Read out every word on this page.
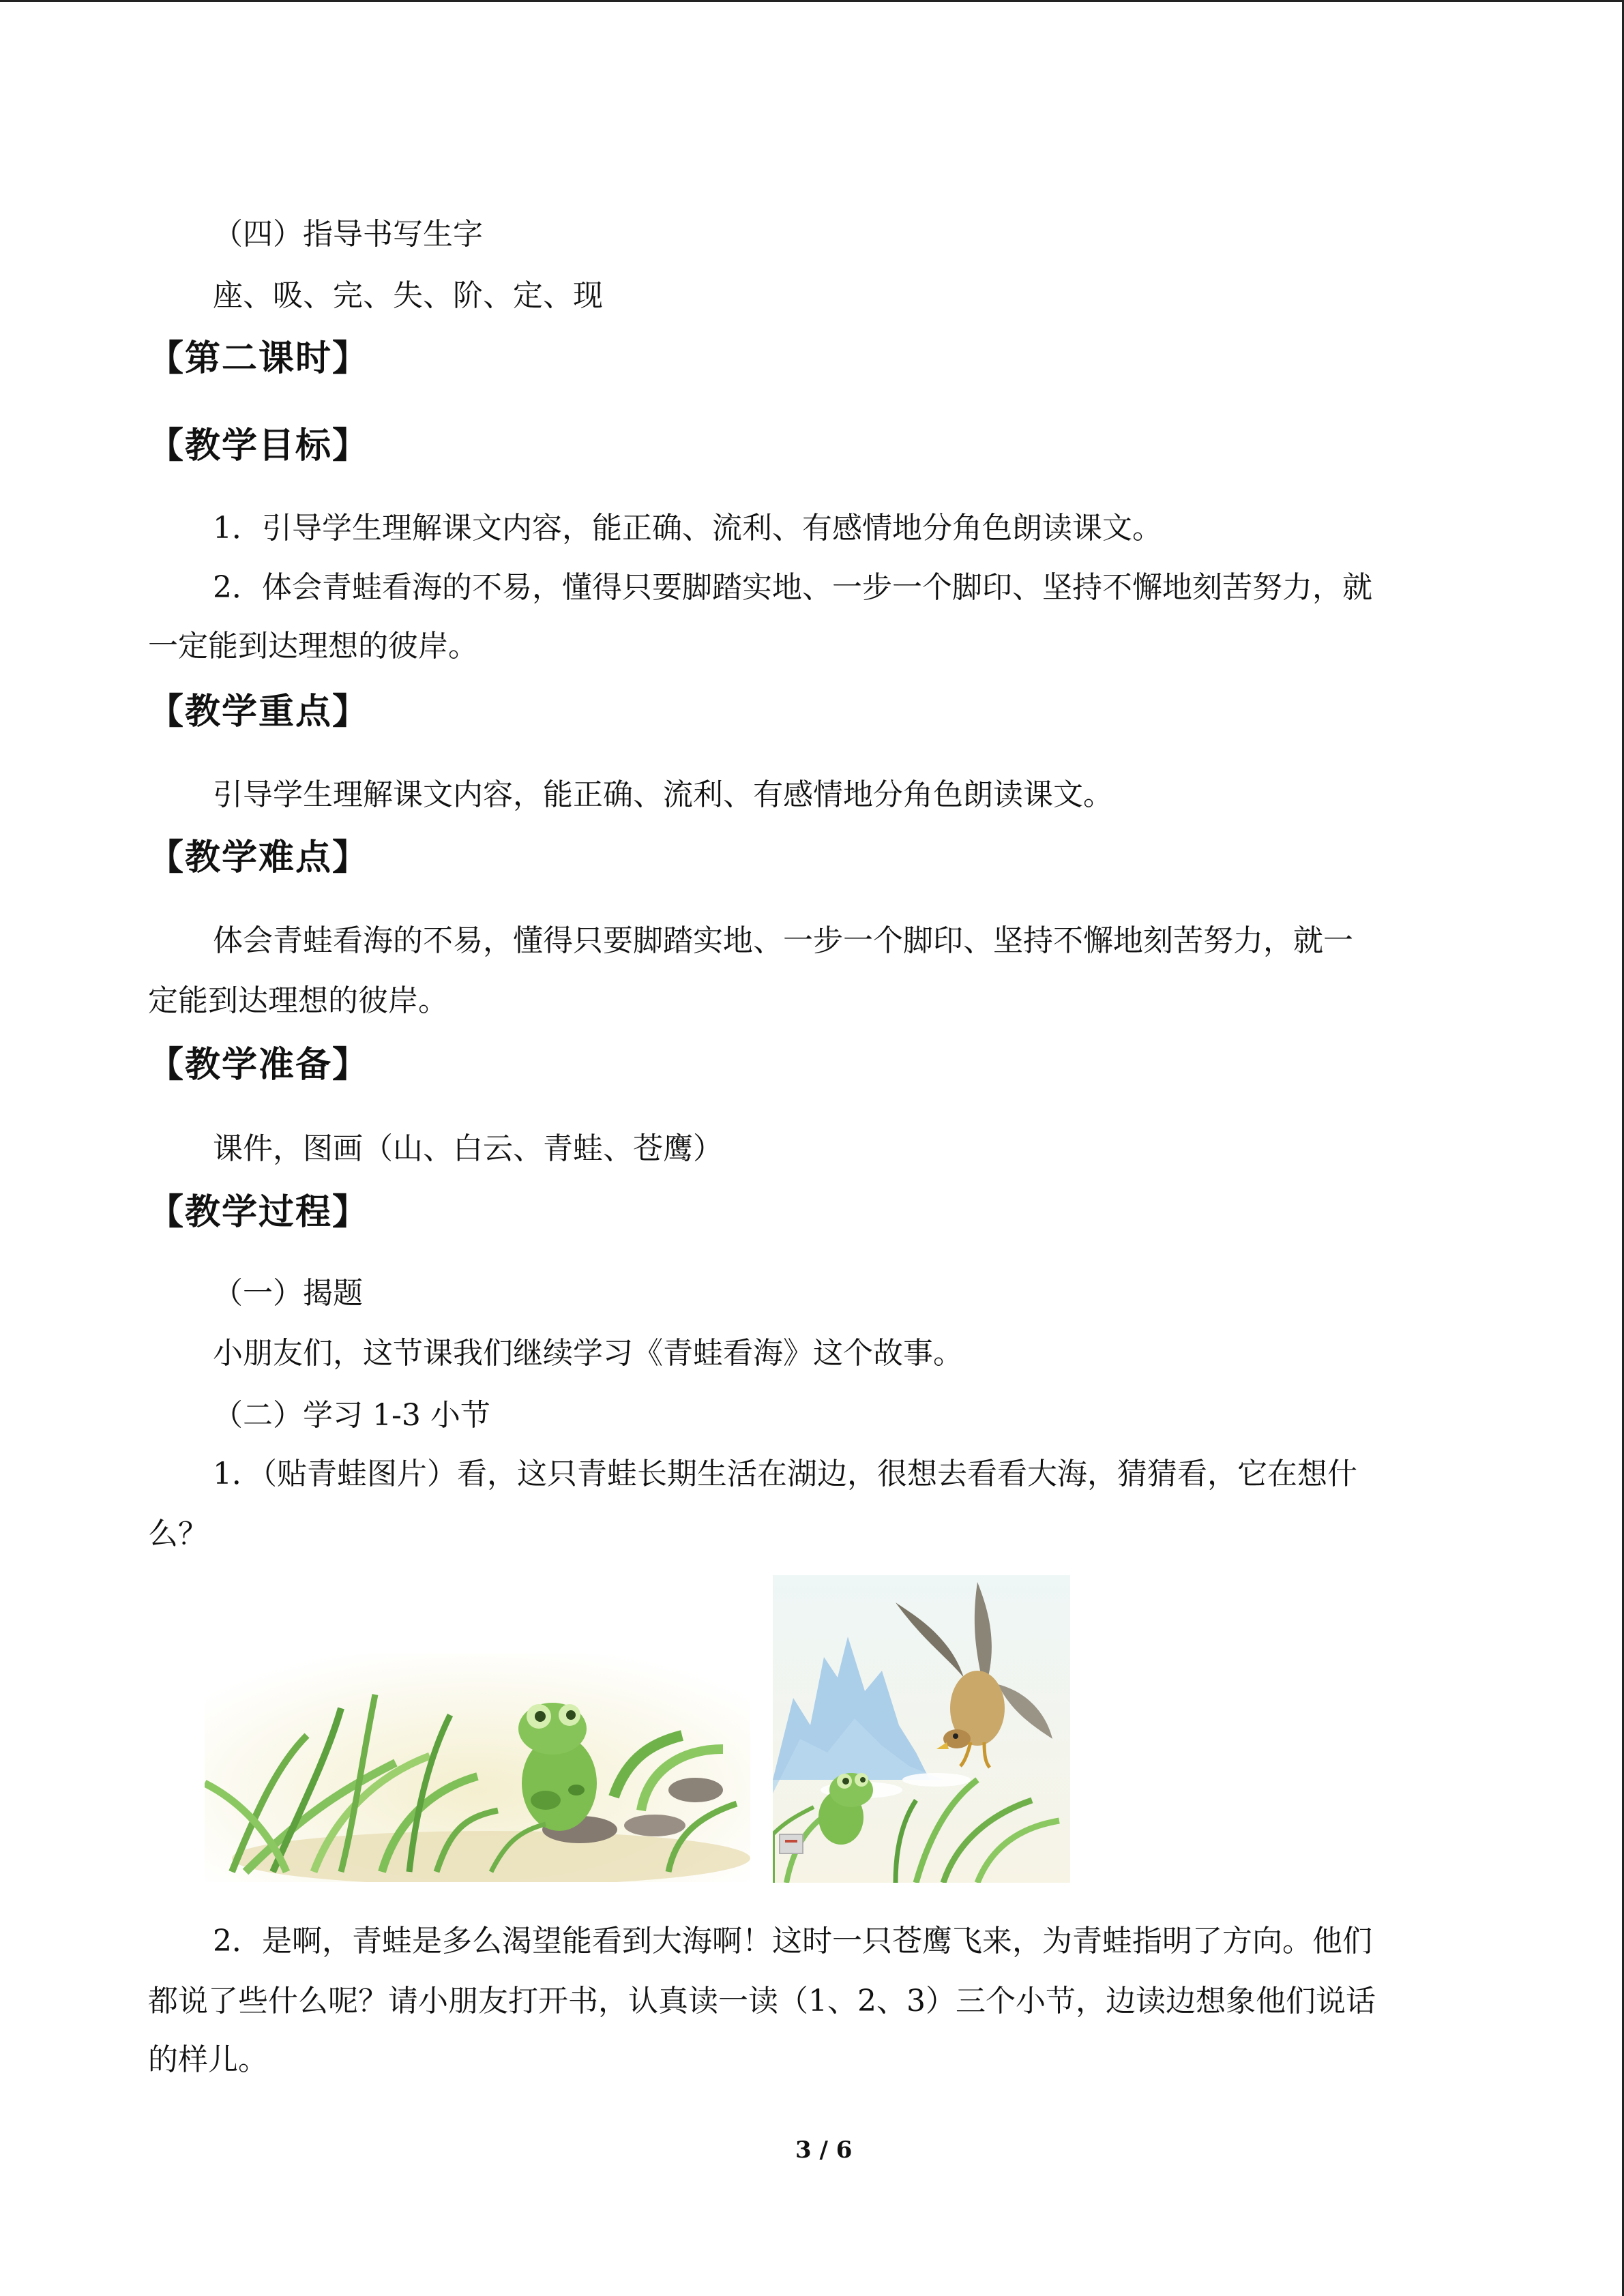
（四）指导书写生字
座、吸、完、失、阶、定、现
【第二课时】
【教学目标】
1．引导学生理解课文内容，能正确、流利、有感情地分角色朗读课文。
2．体会青蛙看海的不易，懂得只要脚踏实地、一步一个脚印、坚持不懈地刻苦努力，就
一定能到达理想的彼岸。
【教学重点】
引导学生理解课文内容，能正确、流利、有感情地分角色朗读课文。
【教学难点】
体会青蛙看海的不易，懂得只要脚踏实地、一步一个脚印、坚持不懈地刻苦努力，就一
定能到达理想的彼岸。
【教学准备】
课件，图画（山、白云、青蛙、苍鹰）
【教学过程】
（一）揭题
小朋友们，这节课我们继续学习《青蛙看海》这个故事。
（二）学习 1-3 小节
1．（贴青蛙图片）看，这只青蛙长期生活在湖边，很想去看看大海，猜猜看，它在想什
么？
2．是啊，青蛙是多么渴望能看到大海啊！这时一只苍鹰飞来，为青蛙指明了方向。他们
都说了些什么呢？请小朋友打开书，认真读一读（1、2、3）三个小节，边读边想象他们说话
的样儿。
3 / 6
